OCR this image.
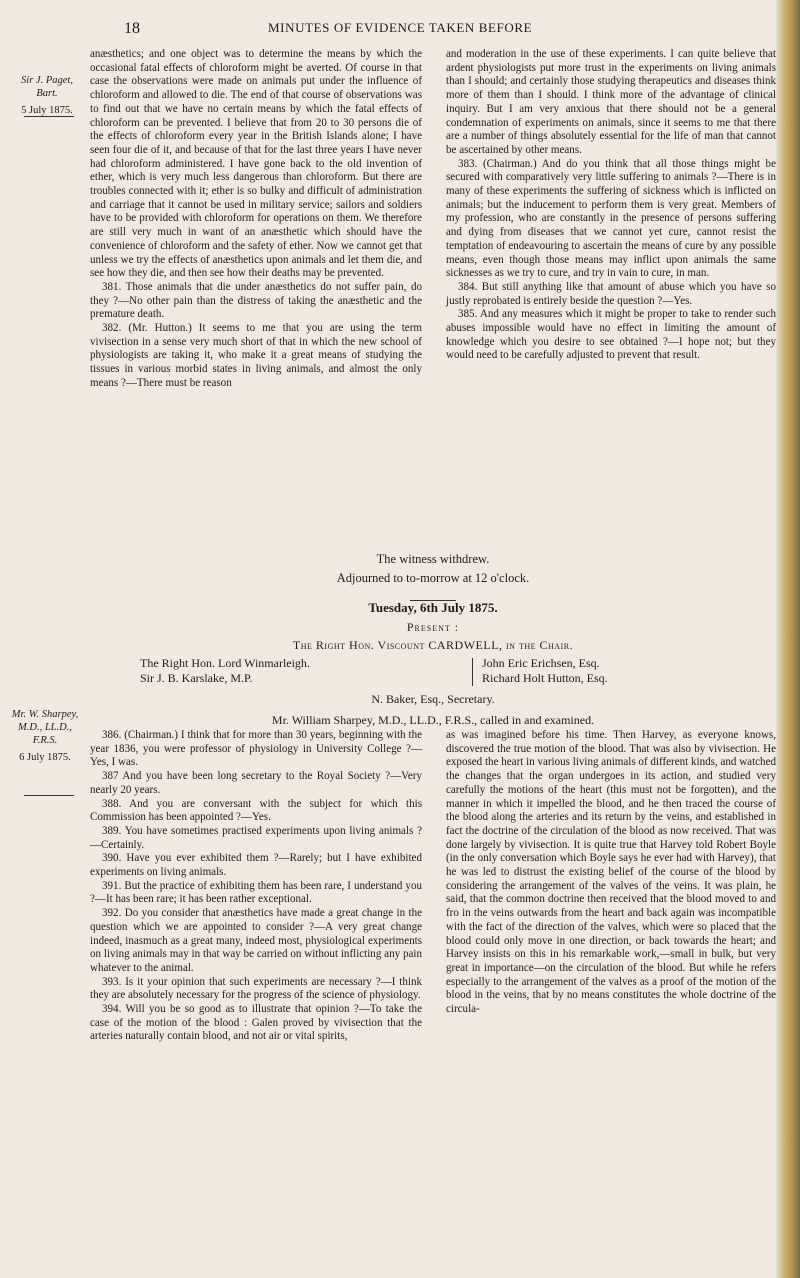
18	MINUTES OF EVIDENCE TAKEN BEFORE
Sir J. Paget, Bart.
5 July 1875.

anæsthetics; and one object was to determine the means by which the occasional fatal effects of chloroform might be averted. Of course in that case the observations were made on animals put under the influence of chloroform and allowed to die. The end of that course of observations was to find out that we have no certain means by which the fatal effects of chloroform can be prevented. I believe that from 20 to 30 persons die of the effects of chloroform every year in the British Islands alone; I have seen four die of it, and because of that for the last three years I have never had chloroform administered. I have gone back to the old invention of ether, which is very much less dangerous than chloroform. But there are troubles connected with it; ether is so bulky and difficult of administration and carriage that it cannot be used in military service; sailors and soldiers have to be provided with chloroform for operations on them. We therefore are still very much in want of an anæsthetic which should have the convenience of chloroform and the safety of ether. Now we cannot get that unless we try the effects of anæsthetics upon animals and let them die, and see how they die, and then see how their deaths may be prevented.

381. Those animals that die under anæsthetics do not suffer pain, do they ?—No other pain than the distress of taking the anæsthetic and the premature death.

382. (Mr. Hutton.) It seems to me that you are using the term vivisection in a sense very much short of that in which the new school of physiologists are taking it, who make it a great means of studying the tissues in various morbid states in living animals, and almost the only means ?—There must be reason

and moderation in the use of these experiments. I can quite believe that ardent physiologists put more trust in the experiments on living animals than I should; and certainly those studying therapeutics and diseases think more of them than I should. I think more of the advantage of clinical inquiry. But I am very anxious that there should not be a general condemnation of experiments on animals, since it seems to me that there are a number of things absolutely essential for the life of man that cannot be ascertained by other means.

383. (Chairman.) And do you think that all those things might be secured with comparatively very little suffering to animals ?—There is in many of these experiments the suffering of sickness which is inflicted on animals; but the inducement to perform them is very great. Members of my profession, who are constantly in the presence of persons suffering and dying from diseases that we cannot yet cure, cannot resist the temptation of endeavouring to ascertain the means of cure by any possible means, even though those means may inflict upon animals the same sicknesses as we try to cure, and try in vain to cure, in man.

384. But still anything like that amount of abuse which you have so justly reprobated is entirely beside the question ?—Yes.

385. And any measures which it might be proper to take to render such abuses impossible would have no effect in limiting the amount of knowledge which you desire to see obtained ?—I hope not; but they would need to be carefully adjusted to prevent that result.

The witness withdrew.
Adjourned to to-morrow at 12 o'clock.
Tuesday, 6th July 1875.
Present :
The Right Hon. Viscount CARDWELL, in the Chair.
The Right Hon. Lord Winmarleigh.
Sir J. B. Karslake, M.P.
John Eric Erichsen, Esq.
Richard Holt Hutton, Esq.
N. Baker, Esq., Secretary.
Mr. William Sharpey, M.D., LL.D., F.R.S., called in and examined.
Mr. W. Sharpey, M.D., LL.D., F.R.S.
6 July 1875.

386. (Chairman.) I think that for more than 30 years, beginning with the year 1836, you were professor of physiology in University College ?—Yes, I was.

387 And you have been long secretary to the Royal Society ?—Very nearly 20 years.

388. And you are conversant with the subject for which this Commission has been appointed ?—Yes.

389. You have sometimes practised experiments upon living animals ?—Certainly.

390. Have you ever exhibited them ?—Rarely; but I have exhibited experiments on living animals.

391. But the practice of exhibiting them has been rare, I understand you ?—It has been rare; it has been rather exceptional.

392. Do you consider that anæsthetics have made a great change in the question which we are appointed to consider ?—A very great change indeed, inasmuch as a great many, indeed most, physiological experiments on living animals may in that way be carried on without inflicting any pain whatever to the animal.

393. Is it your opinion that such experiments are necessary ?—I think they are absolutely necessary for the progress of the science of physiology.

394. Will you be so good as to illustrate that opinion ?—To take the case of the motion of the blood : Galen proved by vivisection that the arteries naturally contain blood, and not air or vital spirits,

as was imagined before his time. Then Harvey, as everyone knows, discovered the true motion of the blood. That was also by vivisection. He exposed the heart in various living animals of different kinds, and watched the changes that the organ undergoes in its action, and studied very carefully the motions of the heart (this must not be forgotten), and the manner in which it impelled the blood, and he then traced the course of the blood along the arteries and its return by the veins, and established in fact the doctrine of the circulation of the blood as now received. That was done largely by vivisection. It is quite true that Harvey told Robert Boyle (in the only conversation which Boyle says he ever had with Harvey), that he was led to distrust the existing belief of the course of the blood by considering the arrangement of the valves of the veins. It was plain, he said, that the common doctrine then received that the blood moved to and fro in the veins outwards from the heart and back again was incompatible with the fact of the direction of the valves, which were so placed that the blood could only move in one direction, or back towards the heart; and Harvey insists on this in his remarkable work,—small in bulk, but very great in importance—on the circulation of the blood. But while he refers especially to the arrangement of the valves as a proof of the motion of the blood in the veins, that by no means constitutes the whole doctrine of the circula-
